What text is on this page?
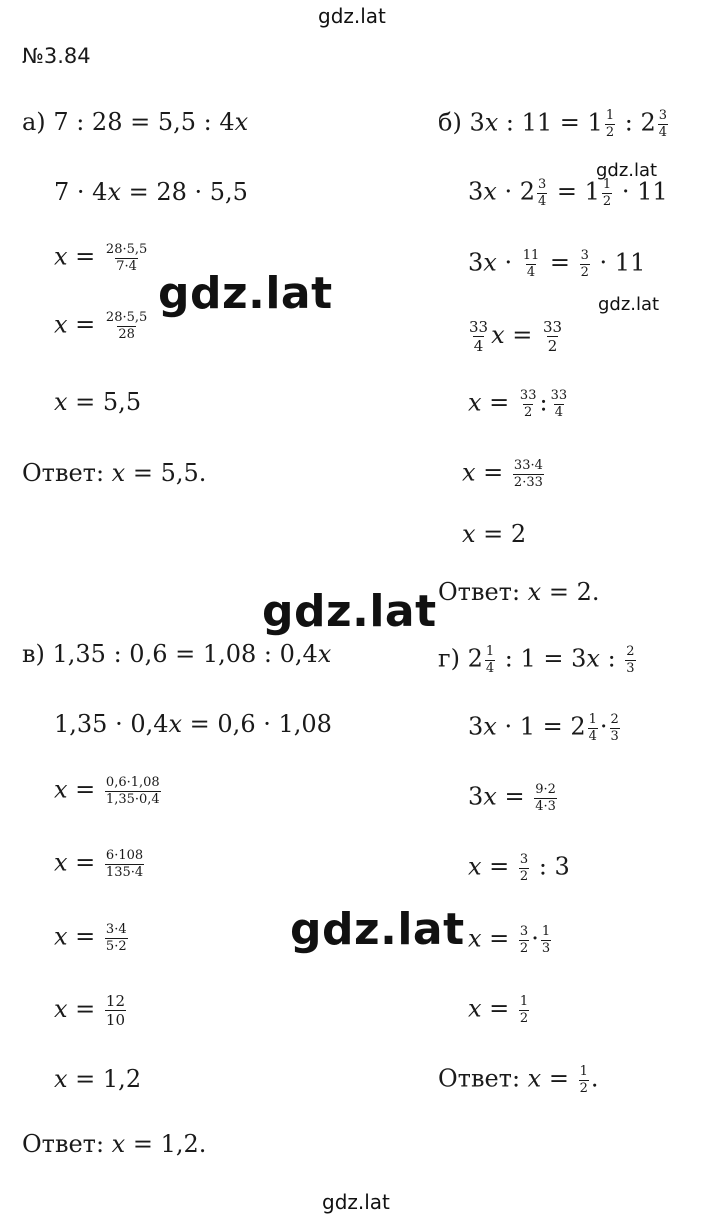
gdz.lat
№3.84
а) 7 : 28 = 5,5 : 4x
7 · 4x = 28 · 5,5
$x = \frac{28\cdot 5,5}{7\cdot 4}$
$x = \frac{28\cdot 5,5}{28}$
x = 5,5
Ответ: x = 5,5.
б) 3x : $11 = 1 \frac{1}{2}$ : $2 \frac{3}{4}$
$3x \cdot 2 \frac{3}{4} = 1 \frac{1}{2} \cdot 11$
$3x \cdot \frac{11}{4} = \frac{3}{2} \cdot 11$
$\frac{33}{4}$ $x = \frac{33}{2}$
$x = \frac{33}{2}$ : $\frac{33}{4}$
$x = \frac{33\cdot 4}{2\cdot 33}$
x = 2
Ответ: x = 2.
в) 1,35 : 0,6 = 1,08 : 0,4x
1,35 · 0,4x = 0,6 · 1,08
$x = \frac{0,6\cdot 1,08}{1,35\cdot 0,4}$
$x = \frac{6\cdot 108}{135\cdot 4}$
$x = \frac{3\cdot 4}{5\cdot 2}$
$x = \frac{12}{10}$
x = 1,2
Ответ: x = 1,2.
г) $2 \frac{1}{4}$ : 1 = 3x : $\frac{2}{3}$
$3x \cdot 1 = 2 \frac{1}{4} \cdot \frac{2}{3}$
$3x = \frac{9\cdot 2}{4\cdot 3}$
$x = \frac{3}{2}$ : 3
$x = \frac{3}{2} \cdot \frac{1}{3}$
$x = \frac{1}{2}$
Ответ: $x = \frac{1}{2}$ .
gdz.lat
gdz.lat
gdz.lat
gdz.lat
gdz.lat
gdz.lat
